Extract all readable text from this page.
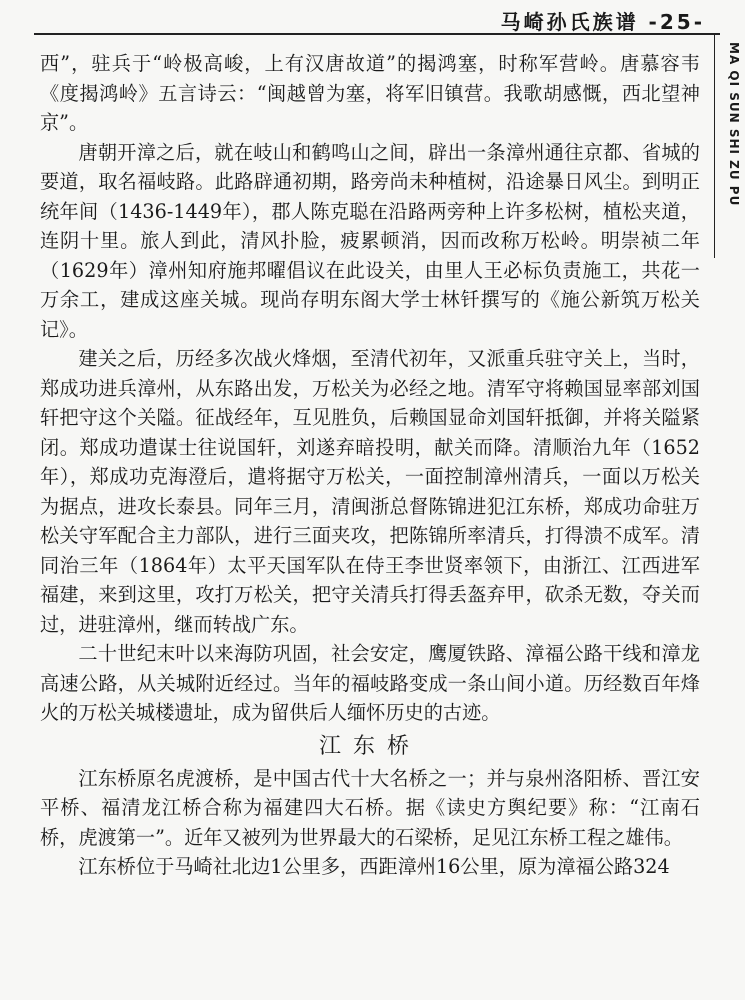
马崎孙氏族谱 -25-
MA QI SUN SHI ZU PU

西”，驻兵于“岭极高峻，上有汉唐故道”的揭鸿塞，时称军营岭。唐慕容韦《度揭鸿岭》五言诗云：“闽越曾为塞，将军旧镇营。我歌胡感慨，西北望神京”。

唐朝开漳之后，就在岐山和鹤鸣山之间，辟出一条漳州通往京都、省城的要道，取名福岐路。此路辟通初期，路旁尚未种植树，沿途暴日风尘。到明正统年间（1436-1449年），郡人陈克聪在沿路两旁种上许多松树，植松夹道，连阴十里。旅人到此，清风扑脸，疲累顿消，因而改称万松岭。明崇祯二年（1629年）漳州知府施邦曜倡议在此设关，由里人王必标负责施工，共花一万余工，建成这座关城。现尚存明东阁大学士林钎撰写的《施公新筑万松关记》。

建关之后，历经多次战火烽烟，至清代初年，又派重兵驻守关上，当时，郑成功进兵漳州，从东路出发，万松关为必经之地。清军守将赖国显率部刘国轩把守这个关隘。征战经年，互见胜负，后赖国显命刘国轩抵御，并将关隘紧闭。郑成功遣谋士往说国轩，刘遂弃暗投明，献关而降。清顺治九年（1652年），郑成功克海澄后，遣将据守万松关，一面控制漳州清兵，一面以万松关为据点，进攻长泰县。同年三月，清闽浙总督陈锦进犯江东桥，郑成功命驻万松关守军配合主力部队，进行三面夹攻，把陈锦所率清兵，打得溃不成军。清同治三年（1864年）太平天国军队在侍王李世贤率领下，由浙江、江西进军福建，来到这里，攻打万松关，把守关清兵打得丢盔弃甲，砍杀无数，夺关而过，进驻漳州，继而转战广东。

二十世纪末叶以来海防巩固，社会安定，鹰厦铁路、漳福公路干线和漳龙高速公路，从关城附近经过。当年的福岐路变成一条山间小道。历经数百年烽火的万松关城楼遗址，成为留供后人缅怀历史的古迹。

江东桥

江东桥原名虎渡桥，是中国古代十大名桥之一；并与泉州洛阳桥、晋江安平桥、福清龙江桥合称为福建四大石桥。据《读史方舆纪要》称：“江南石桥，虎渡第一”。近年又被列为世界最大的石梁桥，足见江东桥工程之雄伟。

江东桥位于马崎社北边1公里多，西距漳州16公里，原为漳福公路324
